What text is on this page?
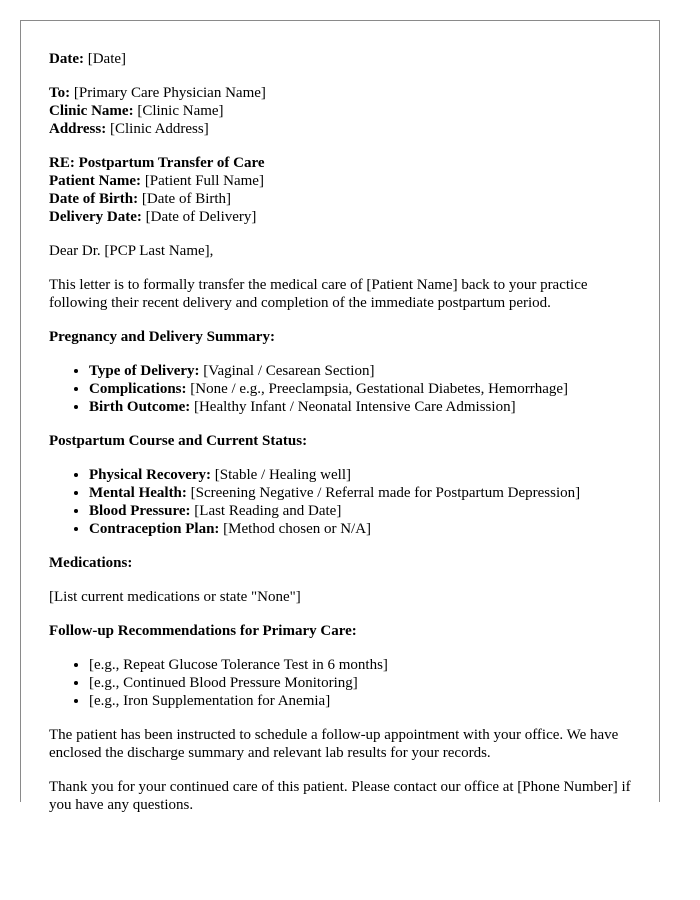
Date: [Date]

To: [Primary Care Physician Name]
Clinic Name: [Clinic Name]
Address: [Clinic Address]

RE: Postpartum Transfer of Care
Patient Name: [Patient Full Name]
Date of Birth: [Date of Birth]
Delivery Date: [Date of Delivery]

Dear Dr. [PCP Last Name],

This letter is to formally transfer the medical care of [Patient Name] back to your practice following their recent delivery and completion of the immediate postpartum period.

Pregnancy and Delivery Summary:

• Type of Delivery: [Vaginal / Cesarean Section]
• Complications: [None / e.g., Preeclampsia, Gestational Diabetes, Hemorrhage]
• Birth Outcome: [Healthy Infant / Neonatal Intensive Care Admission]

Postpartum Course and Current Status:

• Physical Recovery: [Stable / Healing well]
• Mental Health: [Screening Negative / Referral made for Postpartum Depression]
• Blood Pressure: [Last Reading and Date]
• Contraception Plan: [Method chosen or N/A]

Medications:

[List current medications or state "None"]

Follow-up Recommendations for Primary Care:

• [e.g., Repeat Glucose Tolerance Test in 6 months]
• [e.g., Continued Blood Pressure Monitoring]
• [e.g., Iron Supplementation for Anemia]

The patient has been instructed to schedule a follow-up appointment with your office. We have enclosed the discharge summary and relevant lab results for your records.

Thank you for your continued care of this patient. Please contact our office at [Phone Number] if you have any questions.
